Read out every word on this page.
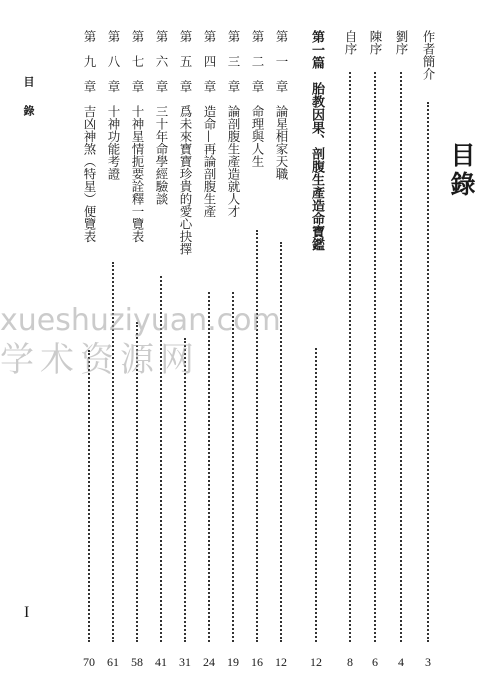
目錄
作者簡介
3
劉序
4
陳序
6
自序
8
第一篇　胎教因果、剖腹生產造命寶鑑
12
第　一　章　論星相家天職
12
第　二　章　命理與人生
16
第　三　章　論剖腹生產造就人才
19
第　四　章　造命—再論剖腹生產
24
第　五　章　爲未來寶寶珍貴的愛心抉擇
31
第　六　章　三十年命學經驗談
41
第　七　章　十神星情扼要詮釋一覽表
58
第　八　章　十神功能考證
61
第　九　章　吉凶神煞（特星）便覽表
70
目錄
I
xueshuziyuan.com
学术资源网
